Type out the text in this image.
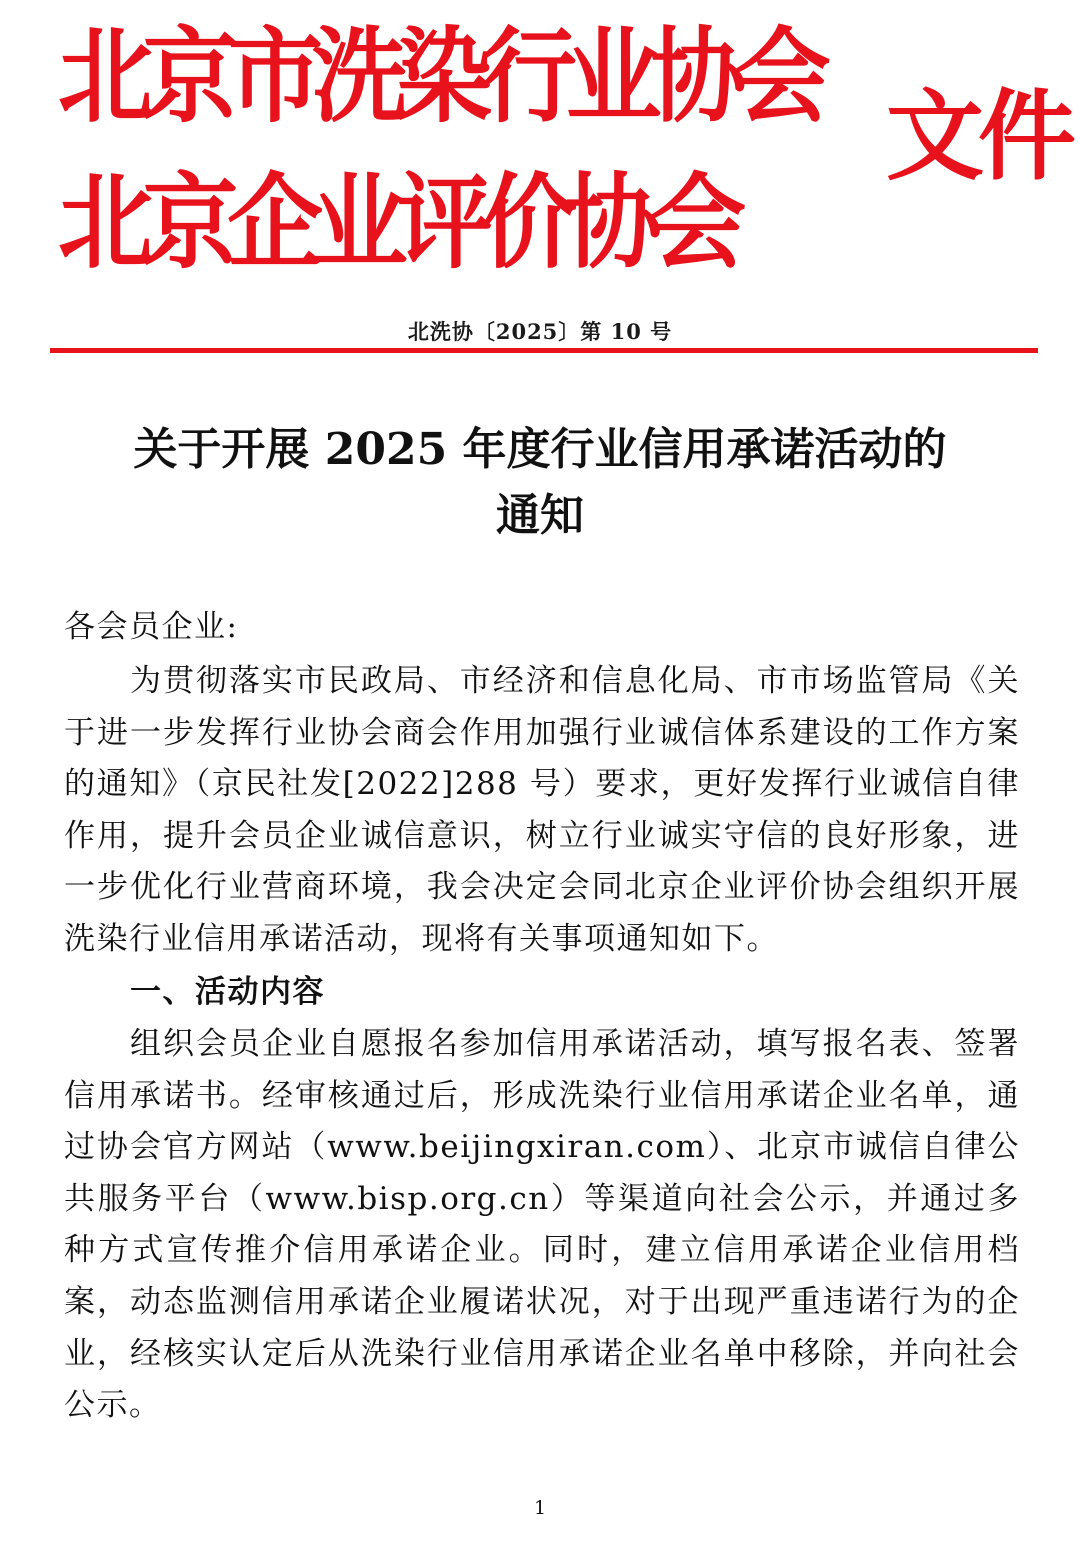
北京市洗染行业协会
北京企业评价协会
文件
北洗协〔2025〕第 10 号
关于开展 2025 年度行业信用承诺活动的
通知
各会员企业:
为贯彻落实市民政局、市经济和信息化局、市市场监管局《关于进一步发挥行业协会商会作用加强行业诚信体系建设的工作方案的通知》（京民社发[2022]288 号）要求，更好发挥行业诚信自律作用，提升会员企业诚信意识，树立行业诚实守信的良好形象，进一步优化行业营商环境，我会决定会同北京企业评价协会组织开展洗染行业信用承诺活动，现将有关事项通知如下。
一、活动内容
组织会员企业自愿报名参加信用承诺活动，填写报名表、签署信用承诺书。经审核通过后，形成洗染行业信用承诺企业名单，通过协会官方网站（www.beijingxiran.com）、北京市诚信自律公共服务平台（www.bisp.org.cn）等渠道向社会公示，并通过多种方式宣传推介信用承诺企业。同时，建立信用承诺企业信用档案，动态监测信用承诺企业履诺状况，对于出现严重违诺行为的企业，经核实认定后从洗染行业信用承诺企业名单中移除，并向社会公示。
1
